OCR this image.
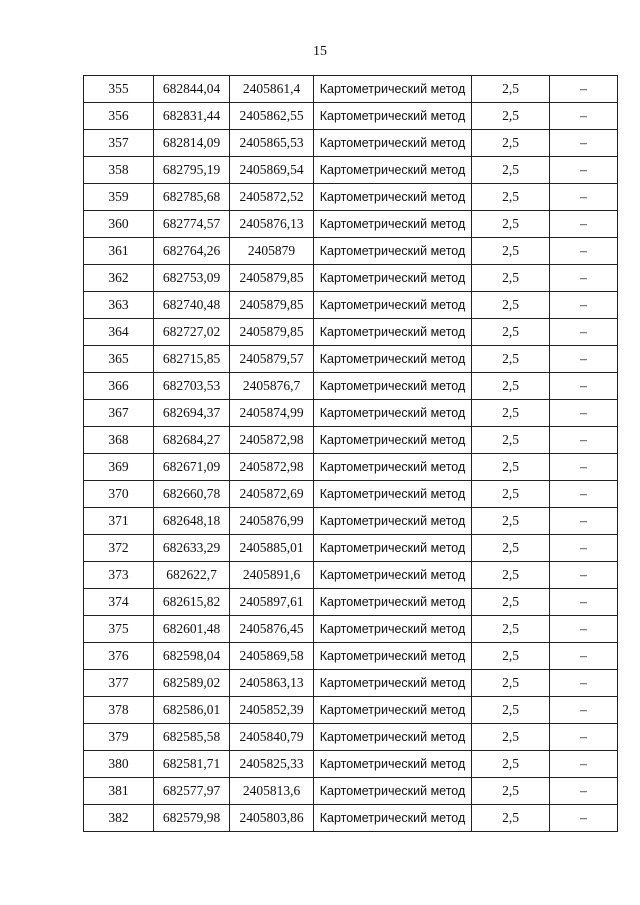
15
355	682844,04	2405861,4	Картометрический метод	2,5	–
356	682831,44	2405862,55	Картометрический метод	2,5	–
357	682814,09	2405865,53	Картометрический метод	2,5	–
358	682795,19	2405869,54	Картометрический метод	2,5	–
359	682785,68	2405872,52	Картометрический метод	2,5	–
360	682774,57	2405876,13	Картометрический метод	2,5	–
361	682764,26	2405879	Картометрический метод	2,5	–
362	682753,09	2405879,85	Картометрический метод	2,5	–
363	682740,48	2405879,85	Картометрический метод	2,5	–
364	682727,02	2405879,85	Картометрический метод	2,5	–
365	682715,85	2405879,57	Картометрический метод	2,5	–
366	682703,53	2405876,7	Картометрический метод	2,5	–
367	682694,37	2405874,99	Картометрический метод	2,5	–
368	682684,27	2405872,98	Картометрический метод	2,5	–
369	682671,09	2405872,98	Картометрический метод	2,5	–
370	682660,78	2405872,69	Картометрический метод	2,5	–
371	682648,18	2405876,99	Картометрический метод	2,5	–
372	682633,29	2405885,01	Картометрический метод	2,5	–
373	682622,7	2405891,6	Картометрический метод	2,5	–
374	682615,82	2405897,61	Картометрический метод	2,5	–
375	682601,48	2405876,45	Картометрический метод	2,5	–
376	682598,04	2405869,58	Картометрический метод	2,5	–
377	682589,02	2405863,13	Картометрический метод	2,5	–
378	682586,01	2405852,39	Картометрический метод	2,5	–
379	682585,58	2405840,79	Картометрический метод	2,5	–
380	682581,71	2405825,33	Картометрический метод	2,5	–
381	682577,97	2405813,6	Картометрический метод	2,5	–
382	682579,98	2405803,86	Картометрический метод	2,5	–
